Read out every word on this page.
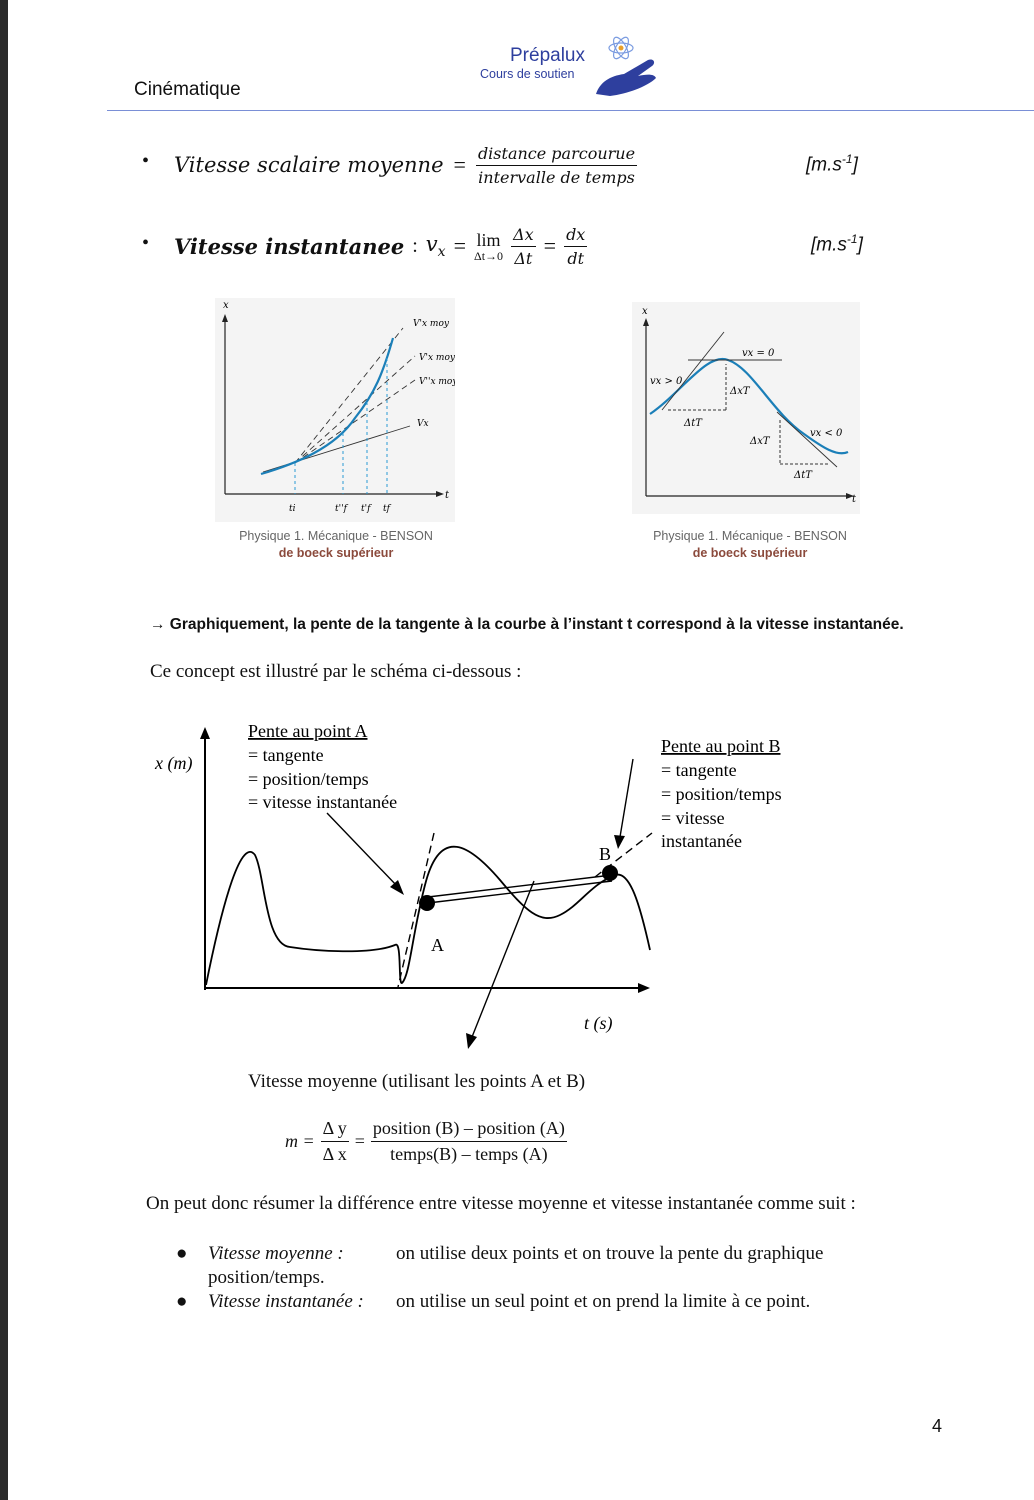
Cinématique
Prépalux
Cours de soutien
• Vitesse scalaire moyenne = $\frac{\text{distance parcourue}}{\text{intervalle de temps}}$	$[m.s^{-1}]$
• Vitesse instantanee : $v_x = \lim$
$\Delta t\to 0 \frac{\Delta x}{\Delta t} = \frac{dx}{dt}$	$[m.s^{-1}]$
x
t
V'x moy
V'x moy
V''x moy
Vx
ti	t''f t'f tf
Physique 1. Mécanique - BENSON
de boeck supérieur
x
t
vx = 0
vx > 0
vx < 0
ΔxT
ΔtT
ΔxT
ΔtT
Physique 1. Mécanique - BENSON
de boeck supérieur
→ Graphiquement, la pente de la tangente à la courbe à l’instant t correspond à la vitesse instantanée.
Ce concept est illustré par le schéma ci-dessous :
x (m)
t (s)
A
B
Pente au point A
= tangente
= position/temps
= vitesse instantanée
Pente au point B
= tangente
= position/temps
= vitesse
instantanée
Vitesse moyenne (utilisant les points A et B)
$m = \frac{\text{Δ y}}{\text{Δ x}} = \frac{\text{position (B) – position (A)}}{\text{temps(B) – temps (A)}}$
On peut donc résumer la différence entre vitesse moyenne et vitesse instantanée comme suit :
● Vitesse moyenne :	on utilise deux points et on trouve la pente du graphique
position/temps.
● Vitesse instantanée : on utilise un seul point et on prend la limite à ce point.
4
